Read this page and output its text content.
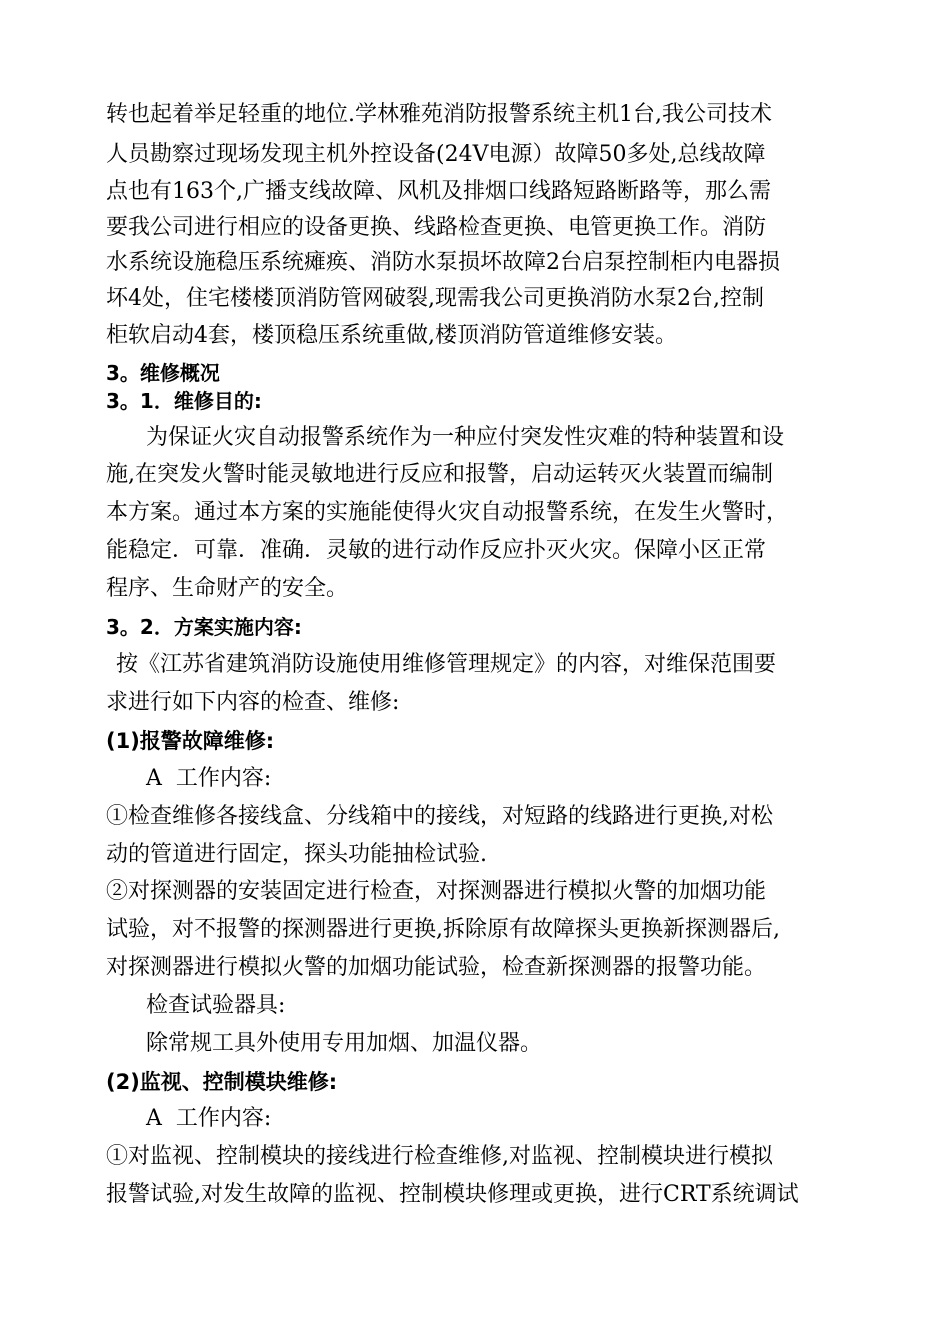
转也起着举足轻重的地位.学林雅苑消防报警系统主机1台,我公司技术
人员勘察过现场发现主机外控设备(24V电源）故障50多处,总线故障
点也有163个,广播支线故障、风机及排烟口线路短路断路等，那么需
要我公司进行相应的设备更换、线路检查更换、电管更换工作。消防
水系统设施稳压系统瘫痪、消防水泵损坏故障2台启泵控制柜内电器损
坏4处，住宅楼楼顶消防管网破裂,现需我公司更换消防水泵2台,控制
柜软启动4套，楼顶稳压系统重做,楼顶消防管道维修安装。
3。维修概况
3。1．维修目的:
为保证火灾自动报警系统作为一种应付突发性灾难的特种装置和设
施,在突发火警时能灵敏地进行反应和报警，启动运转灭火装置而编制
本方案。通过本方案的实施能使得火灾自动报警系统，在发生火警时，
能稳定．可靠．准确．灵敏的进行动作反应扑灭火灾。保障小区正常
程序、生命财产的安全。
3。2．方案实施内容:
按《江苏省建筑消防设施使用维修管理规定》的内容，对维保范围要
求进行如下内容的检查、维修:
(1)报警故障维修:
A  工作内容:
①检查维修各接线盒、分线箱中的接线，对短路的线路进行更换,对松
动的管道进行固定，探头功能抽检试验.
②对探测器的安装固定进行检查，对探测器进行模拟火警的加烟功能
试验，对不报警的探测器进行更换,拆除原有故障探头更换新探测器后,
对探测器进行模拟火警的加烟功能试验，检查新探测器的报警功能。
检查试验器具:
除常规工具外使用专用加烟、加温仪器。
(2)监视、控制模块维修:
A  工作内容:
①对监视、控制模块的接线进行检查维修,对监视、控制模块进行模拟
报警试验,对发生故障的监视、控制模块修理或更换，进行CRT系统调试
